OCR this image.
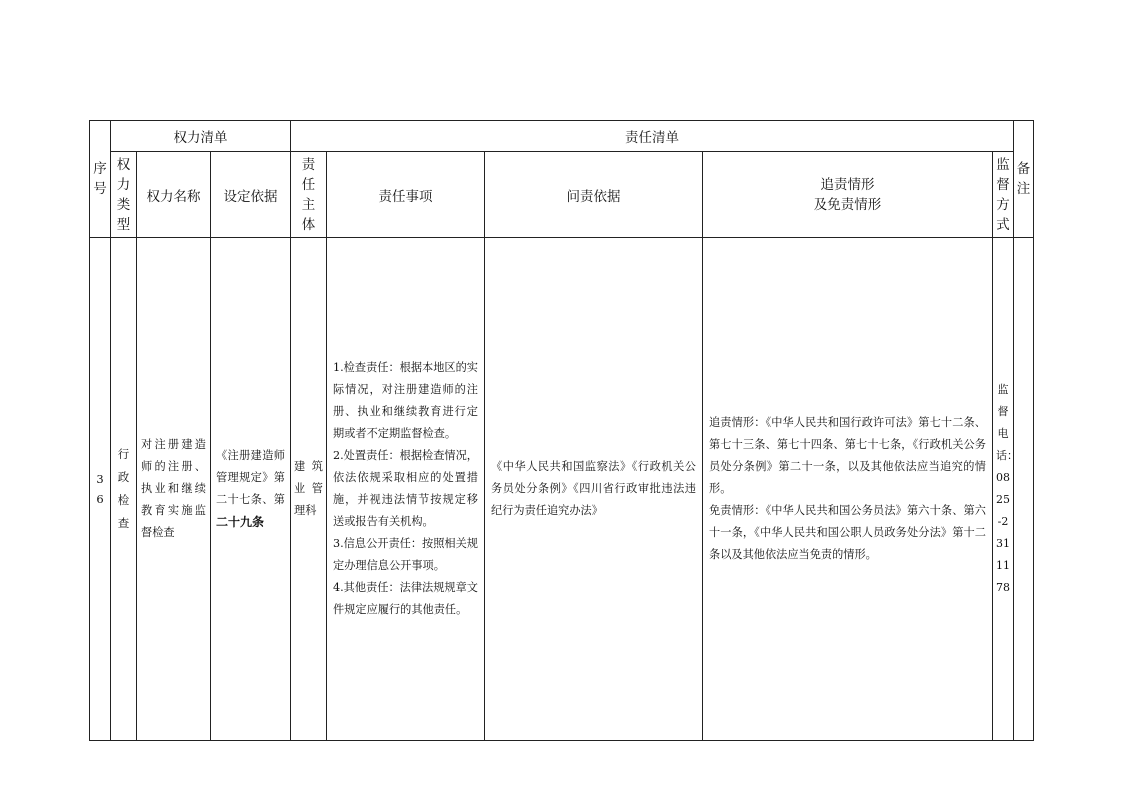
序号
权力清单	责任清单
备注
权力类型
权力名称 设定依据
责任主体
责任事项	问责依据
追责情形
及免责情形
监督方式
36
行政检查
对注册建造师的注册、执业和继续教育实施监督检查
《注册建造师管理规定》第二十七条、第二十九条
建筑业管理科
1.检查责任：根据本地区的实际情况，对注册建造师的注册、执业和继续教育进行定期或者不定期监督检查。
2.处置责任：根据检查情况，依法依规采取相应的处置措施，并视违法情节按规定移送或报告有关机构。
3.信息公开责任：按照相关规定办理信息公开事项。
4.其他责任：法律法规规章文件规定应履行的其他责任。
《中华人民共和国监察法》《行政机关公务员处分条例》《四川省行政审批违法违纪行为责任追究办法》
追责情形：《中华人民共和国行政许可法》第七十二条、第七十三条、第七十四条、第七十七条，《行政机关公务员处分条例》第二十一条，以及其他依法应当追究的情形。
免责情形：《中华人民共和国公务员法》第六十条、第六十一条，《中华人民共和国公职人员政务处分法》第十二条以及其他依法应当免责的情形。
监督电话：0825-2311178
